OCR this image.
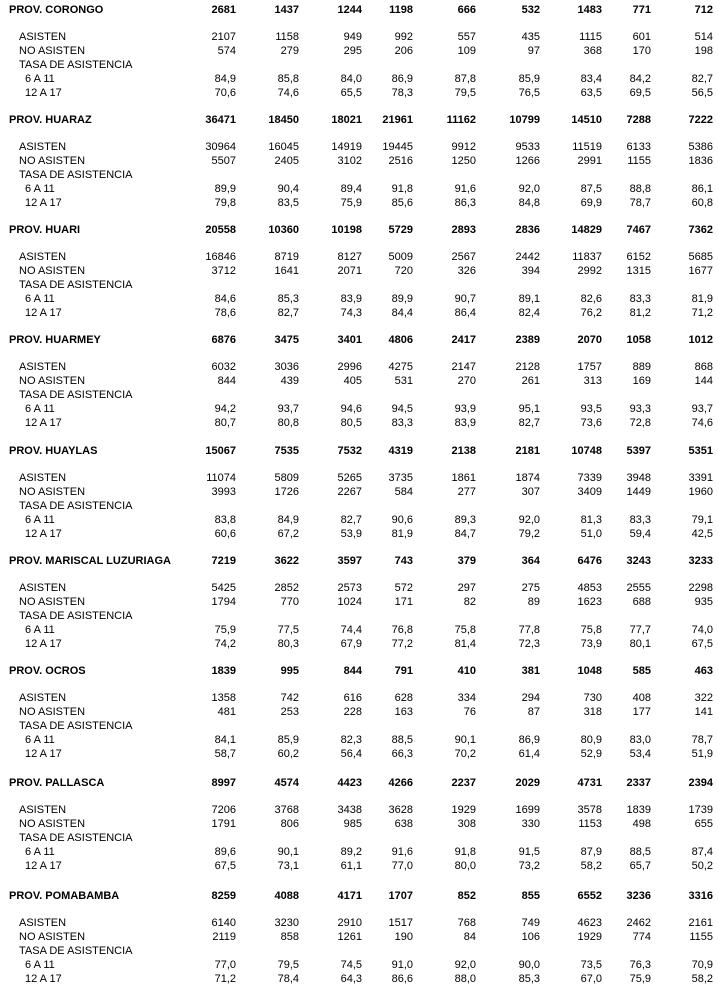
PROV. CORONGO	2681	1437	1244	1198	666	532	1483	771	712
ASISTEN	2107	1158	949	992	557	435	1115	601	514
NO ASISTEN	574	279	295	206	109	97	368	170	198
TASA DE ASISTENCIA
6 A 11	84,9	85,8	84,0	86,9	87,8	85,9	83,4	84,2	82,7
12 A 17	70,6	74,6	65,5	78,3	79,5	76,5	63,5	69,5	56,5
PROV. HUARAZ	36471	18450	18021	21961	11162	10799	14510	7288	7222
ASISTEN	30964	16045	14919	19445	9912	9533	11519	6133	5386
NO ASISTEN	5507	2405	3102	2516	1250	1266	2991	1155	1836
TASA DE ASISTENCIA
6 A 11	89,9	90,4	89,4	91,8	91,6	92,0	87,5	88,8	86,1
12 A 17	79,8	83,5	75,9	85,6	86,3	84,8	69,9	78,7	60,8
PROV. HUARI	20558	10360	10198	5729	2893	2836	14829	7467	7362
ASISTEN	16846	8719	8127	5009	2567	2442	11837	6152	5685
NO ASISTEN	3712	1641	2071	720	326	394	2992	1315	1677
TASA DE ASISTENCIA
6 A 11	84,6	85,3	83,9	89,9	90,7	89,1	82,6	83,3	81,9
12 A 17	78,6	82,7	74,3	84,4	86,4	82,4	76,2	81,2	71,2
PROV. HUARMEY	6876	3475	3401	4806	2417	2389	2070	1058	1012
ASISTEN	6032	3036	2996	4275	2147	2128	1757	889	868
NO ASISTEN	844	439	405	531	270	261	313	169	144
TASA DE ASISTENCIA
6 A 11	94,2	93,7	94,6	94,5	93,9	95,1	93,5	93,3	93,7
12 A 17	80,7	80,8	80,5	83,3	83,9	82,7	73,6	72,8	74,6
PROV. HUAYLAS	15067	7535	7532	4319	2138	2181	10748	5397	5351
ASISTEN	11074	5809	5265	3735	1861	1874	7339	3948	3391
NO ASISTEN	3993	1726	2267	584	277	307	3409	1449	1960
TASA DE ASISTENCIA
6 A 11	83,8	84,9	82,7	90,6	89,3	92,0	81,3	83,3	79,1
12 A 17	60,6	67,2	53,9	81,9	84,7	79,2	51,0	59,4	42,5
PROV. MARISCAL LUZURIAGA	7219	3622	3597	743	379	364	6476	3243	3233
ASISTEN	5425	2852	2573	572	297	275	4853	2555	2298
NO ASISTEN	1794	770	1024	171	82	89	1623	688	935
TASA DE ASISTENCIA
6 A 11	75,9	77,5	74,4	76,8	75,8	77,8	75,8	77,7	74,0
12 A 17	74,2	80,3	67,9	77,2	81,4	72,3	73,9	80,1	67,5
PROV. OCROS	1839	995	844	791	410	381	1048	585	463
ASISTEN	1358	742	616	628	334	294	730	408	322
NO ASISTEN	481	253	228	163	76	87	318	177	141
TASA DE ASISTENCIA
6 A 11	84,1	85,9	82,3	88,5	90,1	86,9	80,9	83,0	78,7
12 A 17	58,7	60,2	56,4	66,3	70,2	61,4	52,9	53,4	51,9
PROV. PALLASCA	8997	4574	4423	4266	2237	2029	4731	2337	2394
ASISTEN	7206	3768	3438	3628	1929	1699	3578	1839	1739
NO ASISTEN	1791	806	985	638	308	330	1153	498	655
TASA DE ASISTENCIA
6 A 11	89,6	90,1	89,2	91,6	91,8	91,5	87,9	88,5	87,4
12 A 17	67,5	73,1	61,1	77,0	80,0	73,2	58,2	65,7	50,2
PROV. POMABAMBA	8259	4088	4171	1707	852	855	6552	3236	3316
ASISTEN	6140	3230	2910	1517	768	749	4623	2462	2161
NO ASISTEN	2119	858	1261	190	84	106	1929	774	1155
TASA DE ASISTENCIA
6 A 11	77,0	79,5	74,5	91,0	92,0	90,0	73,5	76,3	70,9
12 A 17	71,2	78,4	64,3	86,6	88,0	85,3	67,0	75,9	58,2
